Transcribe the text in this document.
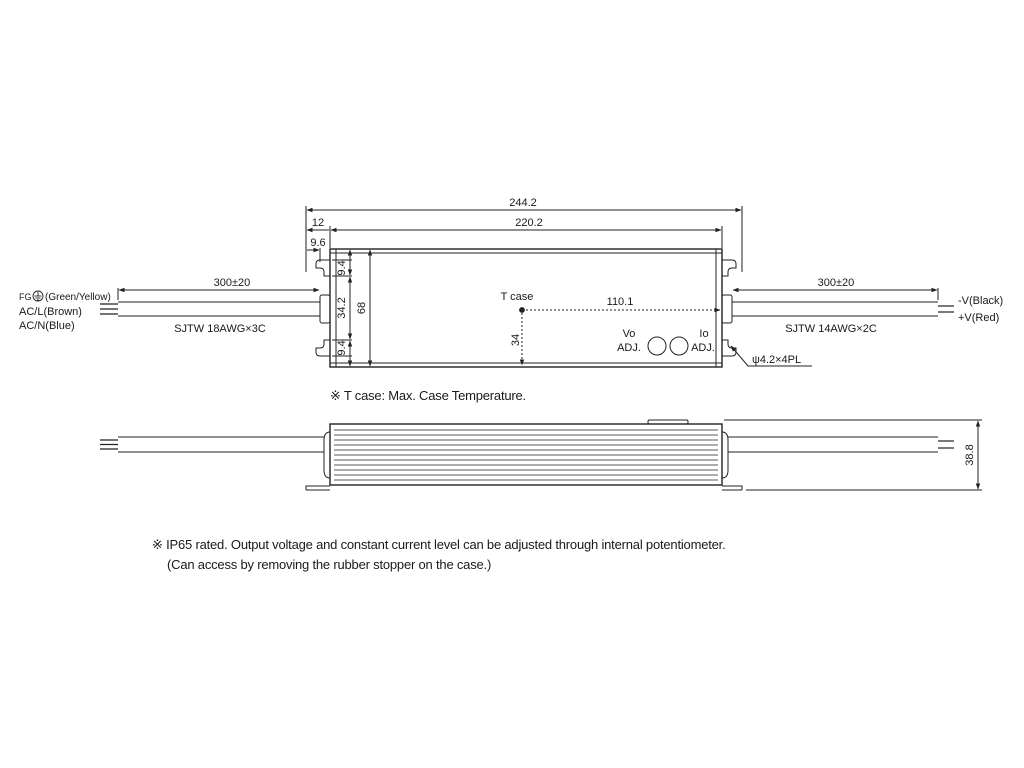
244.2
220.2
12
9.6
9.4
34.2
9.4
68
34
T case	110.1
300±20	300±20
SJTW 18AWG×3C	SJTW 14AWG×2C
FG (Green/Yellow)
AC/L(Brown)
AC/N(Blue)
-V(Black)
+V(Red)
Vo
ADJ.
Io
ADJ.
ψ4.2×4PL
38.8
※ T case: Max. Case Temperature.
※ IP65 rated. Output voltage and constant current level can be adjusted through internal potentiometer.
(Can access by removing the rubber stopper on the case.)
